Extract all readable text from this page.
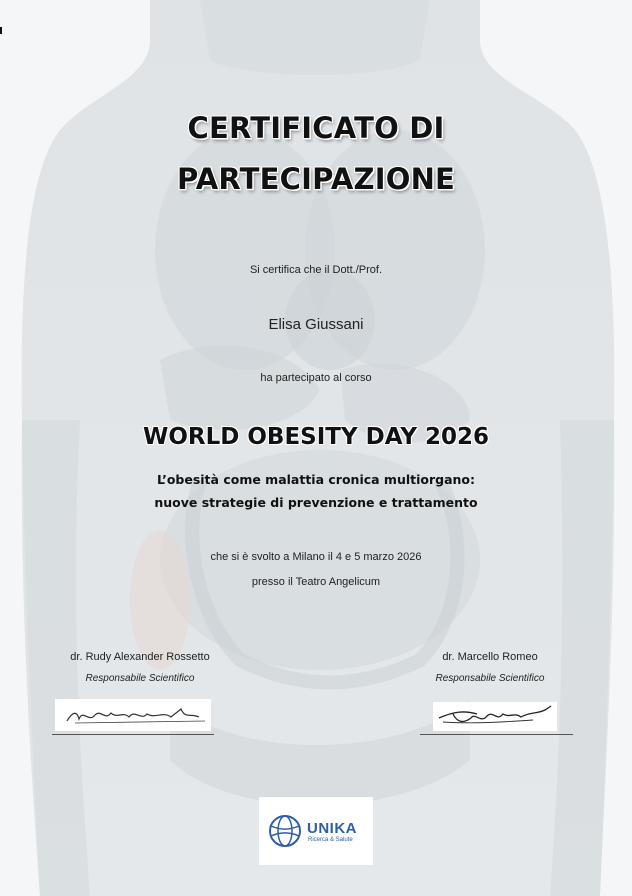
CERTIFICATO DI
PARTECIPAZIONE
Si certifica che il Dott./Prof.
Elisa Giussani
ha partecipato al corso
WORLD OBESITY DAY 2026
L’obesità come malattia cronica multiorgano:
nuove strategie di prevenzione e trattamento
che si è svolto a Milano il 4 e 5 marzo 2026
presso il Teatro Angelicum
dr. Rudy Alexander Rossetto
Responsabile Scientifico
dr. Marcello Romeo
Responsabile Scientifico
UNIKA
Ricerca & Salute
